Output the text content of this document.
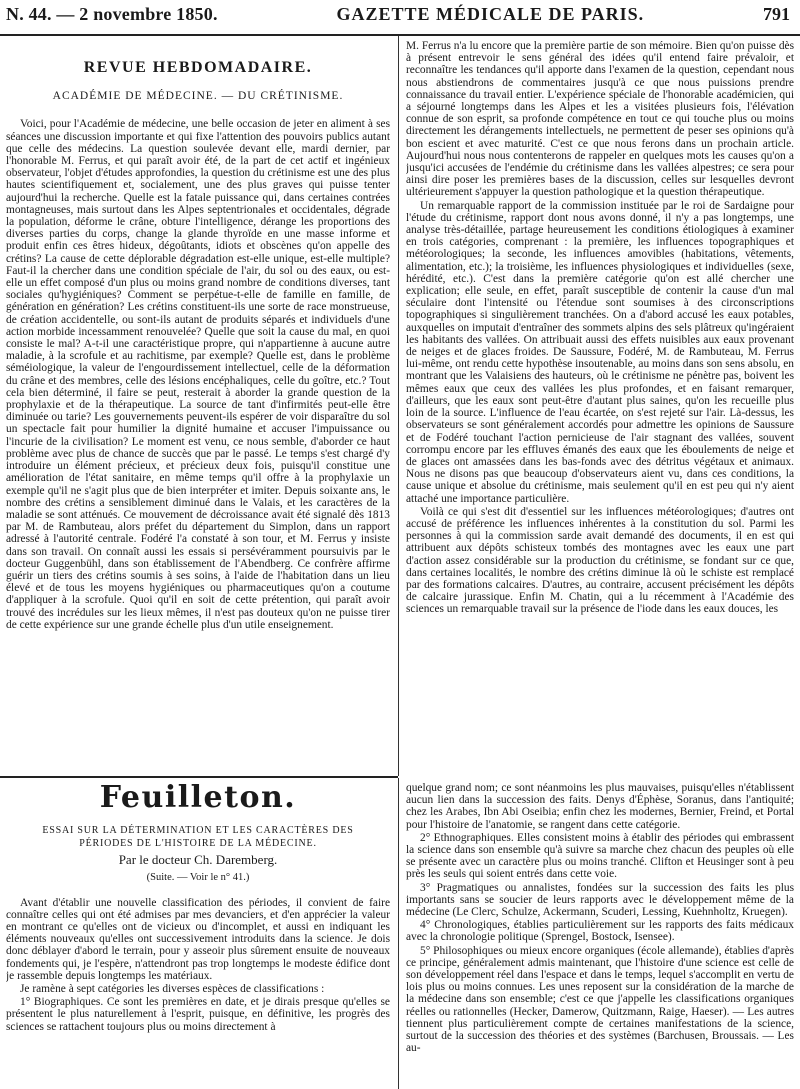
N. 44. — 2 novembre 1850.	GAZETTE MÉDICALE DE PARIS.	791
REVUE HEBDOMADAIRE.
ACADÉMIE DE MÉDECINE. — DU CRÉTINISME.

Voici, pour l'Académie de médecine, une belle occasion de jeter en aliment à ses séances une discussion importante et qui fixe l'attention des pouvoirs publics autant que celle des médecins. La question soulevée devant elle, mardi dernier, par l'honorable M. Ferrus, et qui paraît avoir été, de la part de cet actif et ingénieux observateur, l'objet d'études approfondies, la question du crétinisme est une des plus hautes scientifiquement et, socialement, une des plus graves qui puisse tenter aujourd'hui la recherche. Quelle est la fatale puissance qui, dans certaines contrées montagneuses, mais surtout dans les Alpes septentrionales et occidentales, dégrade la population, déforme le crâne, obture l'intelligence, dérange les proportions des diverses parties du corps, change la glande thyroïde en une masse informe et produit enfin ces êtres hideux, dégoûtants, idiots et obscènes qu'on appelle des crétins? La cause de cette déplorable dégradation est-elle unique, est-elle multiple? Faut-il la chercher dans une condition spéciale de l'air, du sol ou des eaux, ou est-elle un effet composé d'un plus ou moins grand nombre de conditions diverses, tant sociales qu'hygiéniques? Comment se perpétue-t-elle de famille en famille, de génération en génération? Les crétins constituent-ils une sorte de race monstrueuse, de création accidentelle, ou sont-ils autant de produits séparés et individuels d'une action morbide incessamment renouvelée? Quelle que soit la cause du mal, en quoi consiste le mal? A-t-il une caractéristique propre, qui n'appartienne à aucune autre maladie, à la scrofule et au rachitisme, par exemple? Quelle est, dans le problème séméiologique, la valeur de l'engourdissement intellectuel, celle de la déformation du crâne et des membres, celle des lésions encéphaliques, celle du goître, etc.? Tout cela bien déterminé, il faire se peut, resterait à aborder la grande question de la prophylaxie et de la thérapeutique. La source de tant d'infirmités peut-elle être diminuée ou tarie? Les gouvernements peuvent-ils espérer de voir disparaître du sol un spectacle fait pour humilier la dignité humaine et accuser l'impuissance ou l'incurie de la civilisation? Le moment est venu, ce nous semble, d'aborder ce haut problème avec plus de chance de succès que par le passé. Le temps s'est chargé d'y introduire un élément précieux, et précieux deux fois, puisqu'il constitue une amélioration de l'état sanitaire, en même temps qu'il offre à la prophylaxie un exemple qu'il ne s'agit plus que de bien interpréter et imiter. Depuis soixante ans, le nombre des crétins a sensiblement diminué dans le Valais, et les caractères de la maladie se sont atténués. Ce mouvement de décroissance avait été signalé dès 1813 par M. de Rambuteau, alors préfet du département du Simplon, dans un rapport adressé à l'autorité centrale. Fodéré l'a constaté à son tour, et M. Ferrus y insiste dans son travail. On connaît aussi les essais si persévéramment poursuivis par le docteur Guggenbühl, dans son établissement de l'Abendberg. Ce confrère affirme guérir un tiers des crétins soumis à ses soins, à l'aide de l'habitation dans un lieu élevé et de tous les moyens hygiéniques ou pharmaceutiques qu'on a coutume d'appliquer à la scrofule. Quoi qu'il en soit de cette prétention, qui paraît avoir trouvé des incrédules sur les lieux mêmes, il n'est pas douteux qu'on ne puisse tirer de cette expérience sur une grande échelle plus d'un utile enseignement.

M. Ferrus n'a lu encore que la première partie de son mémoire. Bien qu'on puisse dès à présent entrevoir le sens général des idées qu'il entend faire prévaloir, et reconnaître les tendances qu'il apporte dans l'examen de la question, cependant nous nous abstiendrons de commentaires jusqu'à ce que nous puissions prendre connaissance du travail entier. L'expérience spéciale de l'honorable académicien, qui a séjourné longtemps dans les Alpes et les a visitées plusieurs fois, l'élévation connue de son esprit, sa profonde compétence en tout ce qui touche plus ou moins directement les dérangements intellectuels, ne permettent de peser ses opinions qu'à bon escient et avec maturité. C'est ce que nous ferons dans un prochain article. Aujourd'hui nous nous contenterons de rappeler en quelques mots les causes qu'on a jusqu'ici accusées de l'endémie du crétinisme dans les vallées alpestres; ce sera pour ainsi dire poser les premières bases de la discussion, celles sur lesquelles devront ultérieurement s'appuyer la question pathologique et la question thérapeutique.

Un remarquable rapport de la commission instituée par le roi de Sardaigne pour l'étude du crétinisme, rapport dont nous avons donné, il n'y a pas longtemps, une analyse très-détaillée, partage heureusement les conditions étiologiques à examiner en trois catégories, comprenant : la première, les influences topographiques et météorologiques; la seconde, les influences amovibles (habitations, vêtements, alimentation, etc.); la troisième, les influences physiologiques et individuelles (sexe, hérédité, etc.). C'est dans la première catégorie qu'on est allé chercher une explication; elle seule, en effet, paraît susceptible de contenir la cause d'un mal séculaire dont l'intensité ou l'étendue sont soumises à des circonscriptions topographiques si singulièrement tranchées. On a d'abord accusé les eaux potables, auxquelles on imputait d'entraîner des sommets alpins des sels plâtreux qu'ingéraient les habitants des vallées. On attribuait aussi des effets nuisibles aux eaux provenant de neiges et de glaces froides. De Saussure, Fodéré, M. de Rambuteau, M. Ferrus lui-même, ont rendu cette hypothèse insoutenable, au moins dans son sens absolu, en montrant que les Valaisiens des hauteurs, où le crétinisme ne pénètre pas, boivent les mêmes eaux que ceux des vallées les plus profondes, et en faisant remarquer, d'ailleurs, que les eaux sont peut-être d'autant plus saines, qu'on les recueille plus loin de la source. L'influence de l'eau écartée, on s'est rejeté sur l'air. Là-dessus, les observateurs se sont généralement accordés pour admettre les opinions de Saussure et de Fodéré touchant l'action pernicieuse de l'air stagnant des vallées, souvent corrompu encore par les effluves émanés des eaux que les éboulements de neige et de glaces ont amassées dans les bas-fonds avec des détritus végétaux et animaux. Nous ne disons pas que beaucoup d'observateurs aient vu, dans ces conditions, la cause unique et absolue du crétinisme, mais seulement qu'il en est peu qui n'y aient attaché une importance particulière.

Voilà ce qui s'est dit d'essentiel sur les influences météorologiques; d'autres ont accusé de préférence les influences inhérentes à la constitution du sol. Parmi les personnes à qui la commission sarde avait demandé des documents, il en est qui attribuent aux dépôts schisteux tombés des montagnes avec les eaux une part d'action assez considérable sur la production du crétinisme, se fondant sur ce que, dans certaines localités, le nombre des crétins diminue là où le schiste est remplacé par des formations calcaires. D'autres, au contraire, accusent précisément les dépôts de calcaire jurassique. Enfin M. Chatin, qui a lu récemment à l'Académie des sciences un remarquable travail sur la présence de l'iode dans les eaux douces, les

Feuilleton.
ESSAI SUR LA DÉTERMINATION ET LES CARACTÈRES DES PÉRIODES DE L'HISTOIRE DE LA MÉDECINE.
Par le docteur Ch. Daremberg.
(Suite. — Voir le n° 41.)

Avant d'établir une nouvelle classification des périodes, il convient de faire connaître celles qui ont été admises par mes devanciers, et d'en apprécier la valeur en montrant ce qu'elles ont de vicieux ou d'incomplet, et aussi en indiquant les éléments nouveaux qu'elles ont successivement introduits dans la science. Je dois donc déblayer d'abord le terrain, pour y asseoir plus sûrement ensuite de nouveaux fondements qui, je l'espère, n'attendront pas trop longtemps le modeste édifice dont je rassemble depuis longtemps les matériaux.

Je ramène à sept catégories les diverses espèces de classifications :

1° Biographiques. Ce sont les premières en date, et je dirais presque qu'elles se présentent le plus naturellement à l'esprit, puisque, en définitive, les progrès des sciences se rattachent toujours plus ou moins directement à

quelque grand nom; ce sont néanmoins les plus mauvaises, puisqu'elles n'établissent aucun lien dans la succession des faits. Denys d'Éphèse, Soranus, dans l'antiquité; chez les Arabes, Ibn Abi Oseibia; enfin chez les modernes, Bernier, Freind, et Portal pour l'histoire de l'anatomie, se rangent dans cette catégorie.

2° Ethnographiques. Elles consistent moins à établir des périodes qui embrassent la science dans son ensemble qu'à suivre sa marche chez chacun des peuples où elle se présente avec un caractère plus ou moins tranché. Clifton et Heusinger sont à peu près les seuls qui soient entrés dans cette voie.

3° Pragmatiques ou annalistes, fondées sur la succession des faits les plus importants sans se soucier de leurs rapports avec le développement même de la médecine (Le Clerc, Schulze, Ackermann, Scuderi, Lessing, Kuehnholtz, Kruegen).

4° Chronologiques, établies particulièrement sur les rapports des faits médicaux avec la chronologie politique (Sprengel, Bostock, Isensee).

5° Philosophiques ou mieux encore organiques (école allemande), établies d'après ce principe, généralement admis maintenant, que l'histoire d'une science est celle de son développement réel dans l'espace et dans le temps, lequel s'accomplit en vertu de lois plus ou moins connues. Les unes reposent sur la considération de la marche de la médecine dans son ensemble; c'est ce que j'appelle les classifications organiques réelles ou rationnelles (Hecker, Damerow, Quitzmann, Raige, Haeser). — Les autres tiennent plus particulièrement compte de certaines manifestations de la science, surtout de la succession des théories et des systèmes (Barchusen, Broussais. — Les au-
